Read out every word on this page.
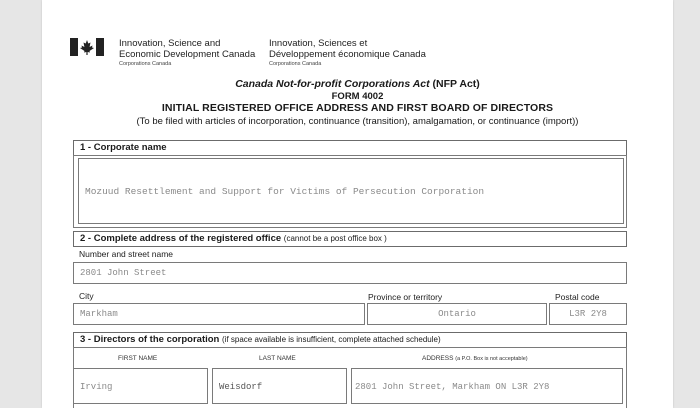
Innovation, Science and
Economic Development Canada
Corporations Canada
Innovation, Sciences et
Développement économique Canada
Corporations Canada
Canada Not-for-profit Corporations Act (NFP Act)
FORM 4002
INITIAL REGISTERED OFFICE ADDRESS AND FIRST BOARD OF DIRECTORS
(To be filed with articles of incorporation, continuance (transition), amalgamation, or continuance (import))
1 - Corporate name
Mozuud Resettlement and Support for Victims of Persecution Corporation
2 - Complete address of the registered office (cannot be a post office box )
Number and street name
2801 John Street
City	Province or territory	Postal code
Markham	Ontario	L3R 2Y8
3 - Directors of the corporation (if space available is insufficient, complete attached schedule)
FIRST NAME	LAST NAME	ADDRESS (a P.O. Box is not acceptable)
Irving	Weisdorf	2801 John Street, Markham ON L3R 2Y8
